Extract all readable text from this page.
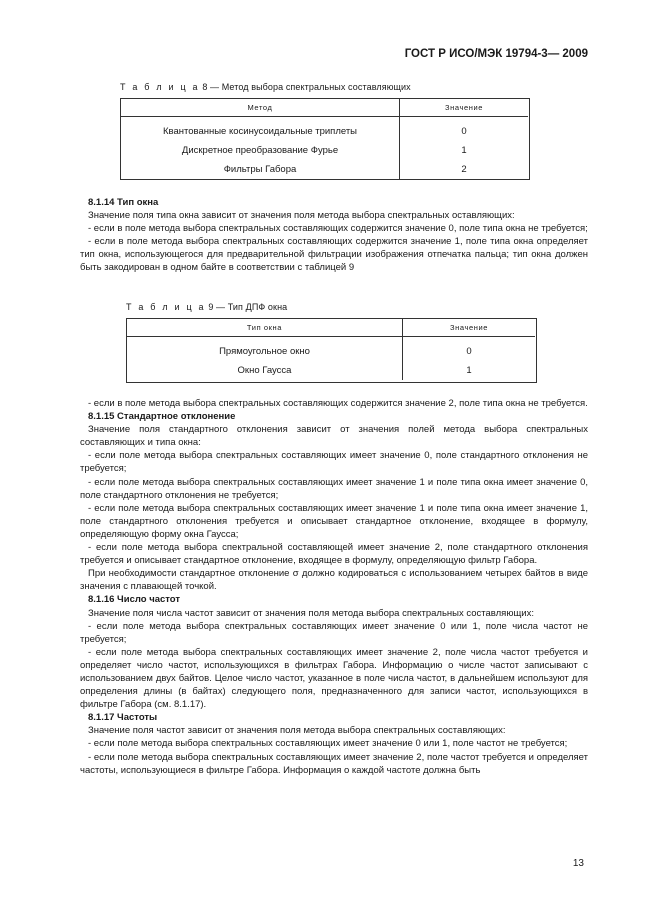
ГОСТ Р ИСО/МЭК 19794-3— 2009
Т а б л и ц а 8 — Метод выбора спектральных составляющих
Метод	Значение

Квантованные косинусоидальные триплеты	0
Дискретное преобразование Фурье	1
Фильтры Габора	2

8.1.14 Тип окна

Значение поля типа окна зависит от значения поля метода выбора спектральных оставляющих:

- если в поле метода выбора спектральных составляющих содержится значение 0, поле типа окна не требуется;

- если в поле метода выбора спектральных составляющих содержится значение 1, поле типа окна определяет тип окна, использующегося для предварительной фильтрации изображения отпечатка пальца; тип окна должен быть закодирован в одном байте в соответствии с таблицей 9

Т а б л и ц а 9 — Тип ДПФ окна
Тип окна	Значение

Прямоугольное окно	0
Окно Гаусса	1

- если в поле метода выбора спектральных составляющих содержится значение 2, поле типа окна не требуется.

8.1.15 Стандартное отклонение

Значение поля стандартного отклонения зависит от значения полей метода выбора спектральных составляющих и типа окна:

- если поле метода выбора спектральных составляющих имеет значение 0, поле стандартного отклонения не требуется;

- если поле метода выбора спектральных составляющих имеет значение 1 и поле типа окна имеет значение 0, поле стандартного отклонения не требуется;

- если поле метода выбора спектральных составляющих имеет значение 1 и поле типа окна имеет значение 1, поле стандартного отклонения требуется и описывает стандартное отклонение, входящее в формулу, определяющую форму окна Гаусса;

- если поле метода выбора спектральной составляющей имеет значение 2, поле стандартного отклонения требуется и описывает стандартное отклонение, входящее в формулу, определяющую фильтр Габора.

При необходимости стандартное отклонение σ должно кодироваться с использованием четырех байтов в виде значения с плавающей точкой.

8.1.16 Число частот

Значение поля числа частот зависит от значения поля метода выбора спектральных составляющих:

- если поле метода выбора спектральных составляющих имеет значение 0 или 1, поле числа частот не требуется;

- если поле метода выбора спектральных составляющих имеет значение 2, поле числа частот требуется и определяет число частот, использующихся в фильтрах Габора. Информацию о числе частот записывают с использованием двух байтов. Целое число частот, указанное в поле числа частот, в дальнейшем используют для определения длины (в байтах) следующего поля, предназначенного для записи частот, использующихся в фильтре Габора (см. 8.1.17).

8.1.17 Частоты

Значение поля частот зависит от значения поля метода выбора спектральных составляющих:

- если поле метода выбора спектральных составляющих имеет значение 0 или 1, поле частот не требуется;

- если поле метода выбора спектральных составляющих имеет значение 2, поле частот требуется и определяет частоты, использующиеся в фильтре Габора. Информация о каждой частоте должна быть

13
